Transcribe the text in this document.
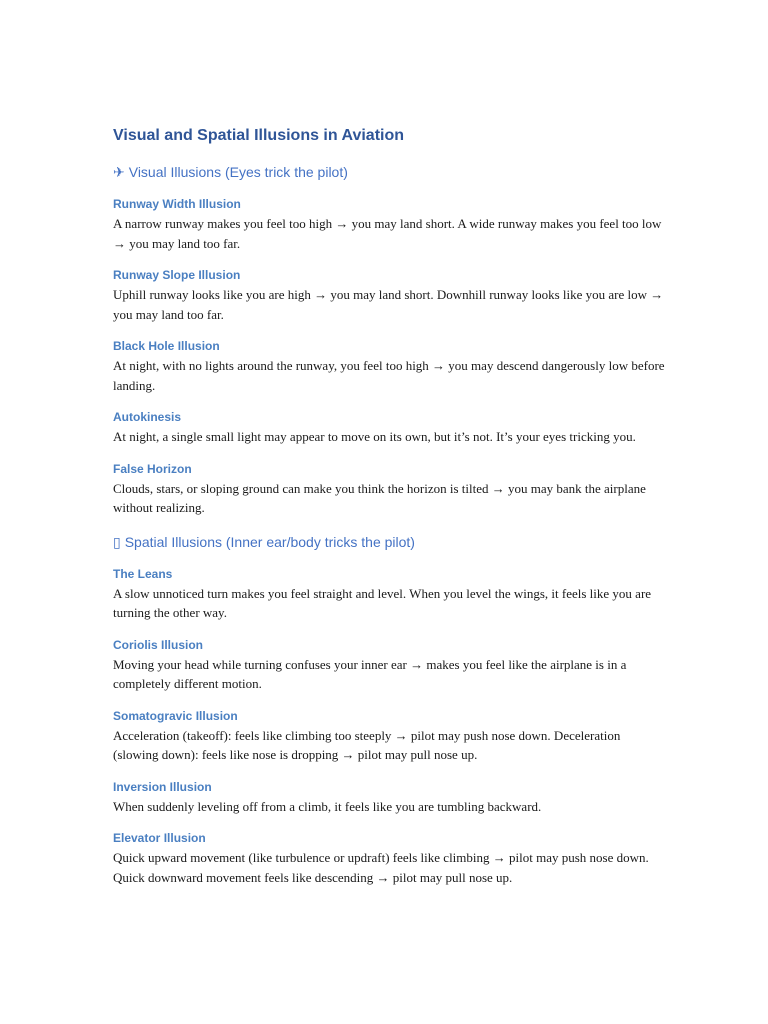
Visual and Spatial Illusions in Aviation
✈ Visual Illusions (Eyes trick the pilot)
Runway Width Illusion
A narrow runway makes you feel too high → you may land short. A wide runway makes you feel too low → you may land too far.
Runway Slope Illusion
Uphill runway looks like you are high → you may land short. Downhill runway looks like you are low → you may land too far.
Black Hole Illusion
At night, with no lights around the runway, you feel too high → you may descend dangerously low before landing.
Autokinesis
At night, a single small light may appear to move on its own, but it’s not. It’s your eyes tricking you.
False Horizon
Clouds, stars, or sloping ground can make you think the horizon is tilted → you may bank the airplane without realizing.
▯ Spatial Illusions (Inner ear/body tricks the pilot)
The Leans
A slow unnoticed turn makes you feel straight and level. When you level the wings, it feels like you are turning the other way.
Coriolis Illusion
Moving your head while turning confuses your inner ear → makes you feel like the airplane is in a completely different motion.
Somatogravic Illusion
Acceleration (takeoff): feels like climbing too steeply → pilot may push nose down. Deceleration (slowing down): feels like nose is dropping → pilot may pull nose up.
Inversion Illusion
When suddenly leveling off from a climb, it feels like you are tumbling backward.
Elevator Illusion
Quick upward movement (like turbulence or updraft) feels like climbing → pilot may push nose down. Quick downward movement feels like descending → pilot may pull nose up.
